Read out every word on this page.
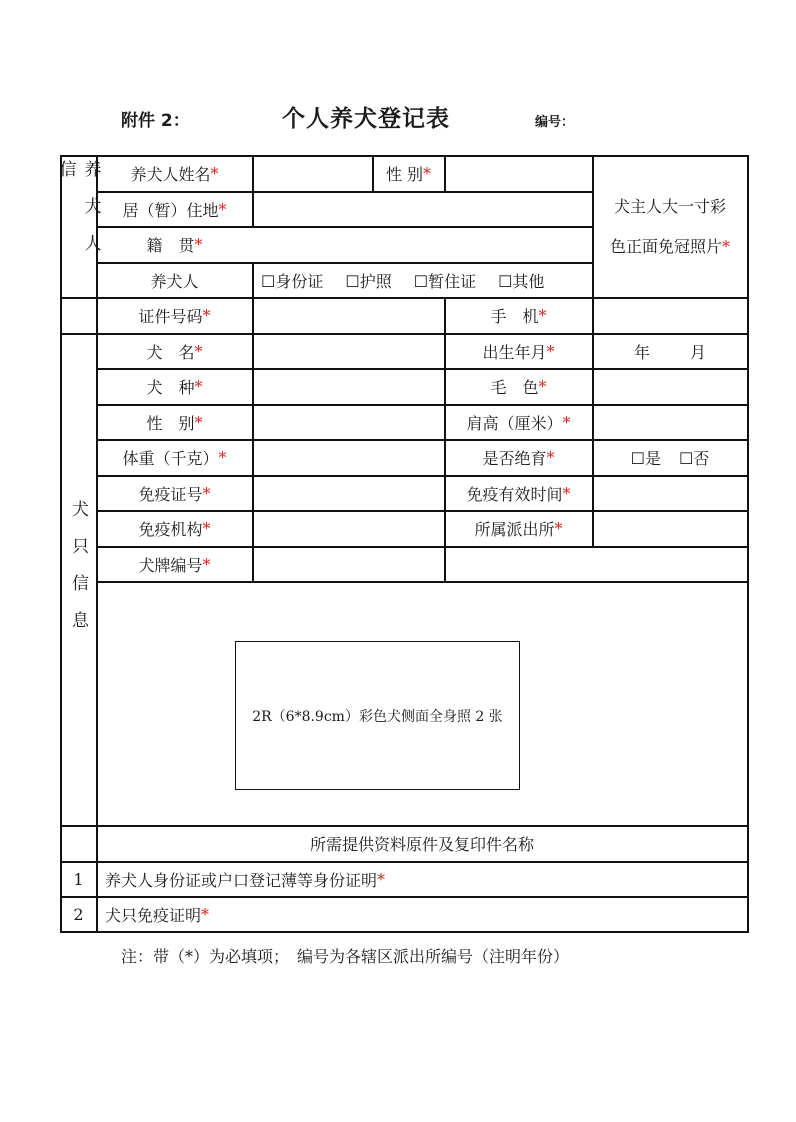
附件 2：	个人养犬登记表	编号：
养犬人信
犬只信息
养犬人姓名 *	性 别 *
居（暂）住地 *
籍　贯 *
养犬人	☐身份证 ☐护照 ☐暂住证 ☐其他
犬主人大一寸彩
色正面免冠照片*
证件号码 *	手　机 *
犬　名 *	出生年月 *	年	月
犬　种 *	毛　色 *
性　别 *	肩高（厘米） *
体重（千克） *	是否绝育 *	☐是 ☐否
免疫证号 *	免疫有效时间 *
免疫机构 *	所属派出所 *
犬牌编号 *
2R（6*8.9cm）彩色犬侧面全身照 2 张
所需提供资料原件及复印件名称
1	养犬人身份证或户口登记薄等身份证明 *
2	犬只免疫证明 *
注：带（*）为必填项；　编号为各辖区派出所编号（注明年份）
